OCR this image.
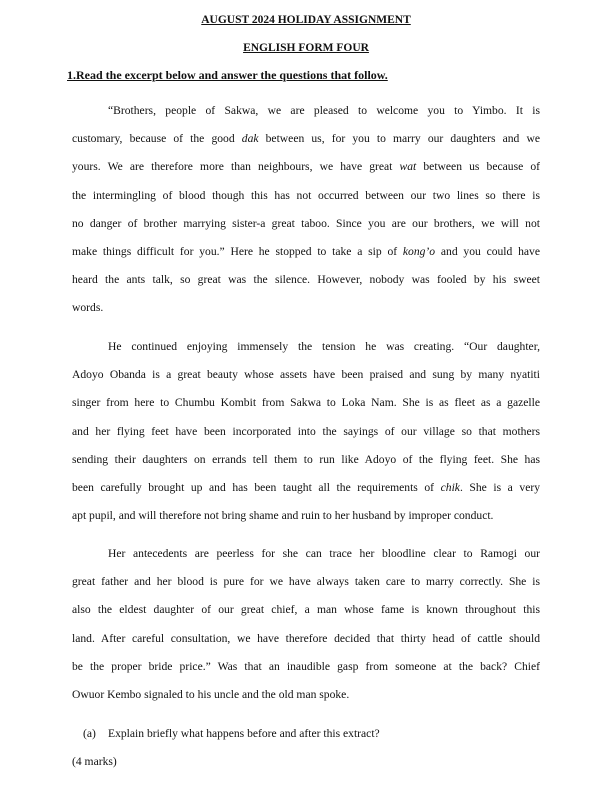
AUGUST 2024 HOLIDAY ASSIGNMENT
ENGLISH FORM FOUR
1.Read the excerpt below and answer the questions that follow.
“Brothers, people of Sakwa, we are pleased to welcome you to Yimbo. It is
customary, because of the good dak between us, for you to marry our daughters and we
yours. We are therefore more than neighbours, we have great wat between us because of
the intermingling of blood though this has not occurred between our two lines so there is
no danger of brother marrying sister-a great taboo. Since you are our brothers, we will not
make things difficult for you.” Here he stopped to take a sip of kong’o and you could have
heard the ants talk, so great was the silence. However, nobody was fooled by his sweet
words.
He continued enjoying immensely the tension he was creating. “Our daughter,
Adoyo Obanda is a great beauty whose assets have been praised and sung by many nyatiti
singer from here to Chumbu Kombit from Sakwa to Loka Nam. She is as fleet as a gazelle
and her flying feet have been incorporated into the sayings of our village so that mothers
sending their daughters on errands tell them to run like Adoyo of the flying feet. She has
been carefully brought up and has been taught all the requirements of chik. She is a very
apt pupil, and will therefore not bring shame and ruin to her husband by improper conduct.
Her antecedents are peerless for she can trace her bloodline clear to Ramogi our
great father and her blood is pure for we have always taken care to marry correctly. She is
also the eldest daughter of our great chief, a man whose fame is known throughout this
land. After careful consultation, we have therefore decided that thirty head of cattle should
be the proper bride price.” Was that an inaudible gasp from someone at the back? Chief
Owuor Kembo signaled to his uncle and the old man spoke.
(a) Explain briefly what happens before and after this extract?
(4 marks)
